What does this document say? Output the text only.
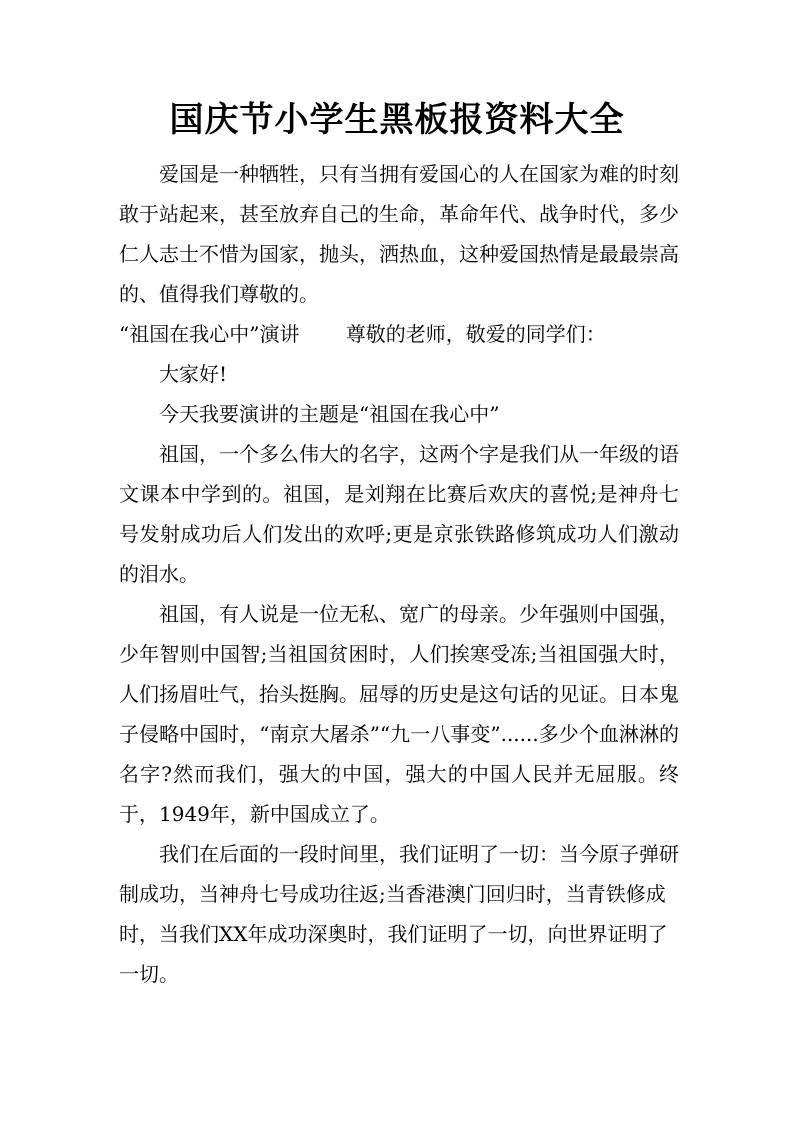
国庆节小学生黑板报资料大全

爱国是一种牺牲，只有当拥有爱国心的人在国家为难的时刻敢于站起来，甚至放弃自己的生命，革命年代、战争时代，多少仁人志士不惜为国家，抛头，洒热血，这种爱国热情是最最崇高的、值得我们尊敬的。

“祖国在我心中”演讲　　 尊敬的老师，敬爱的同学们：

大家好!

今天我要演讲的主题是“祖国在我心中”

祖国，一个多么伟大的名字，这两个字是我们从一年级的语文课本中学到的。祖国，是刘翔在比赛后欢庆的喜悦;是神舟七号发射成功后人们发出的欢呼;更是京张铁路修筑成功人们激动的泪水。

祖国，有人说是一位无私、宽广的母亲。少年强则中国强，少年智则中国智;当祖国贫困时，人们挨寒受冻;当祖国强大时，人们扬眉吐气，抬头挺胸。屈辱的历史是这句话的见证。日本鬼子侵略中国时，“南京大屠杀”“九一八事变”......多少个血淋淋的名字?然而我们，强大的中国，强大的中国人民并无屈服。终于，1949年，新中国成立了。

我们在后面的一段时间里，我们证明了一切：当今原子弹研制成功，当神舟七号成功往返;当香港澳门回归时，当青铁修成时，当我们XX年成功深奥时，我们证明了一切，向世界证明了一切。
